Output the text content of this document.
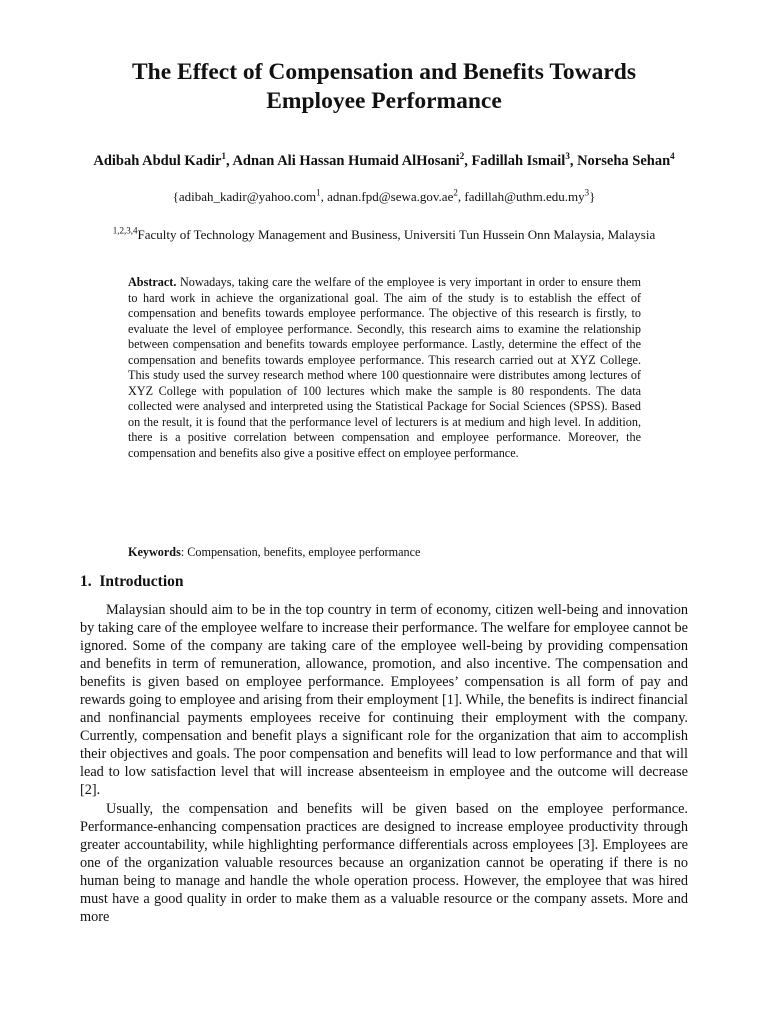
The Effect of Compensation and Benefits Towards
Employee Performance
Adibah Abdul Kadir$^1$, Adnan Ali Hassan Humaid AlHosani$^2$, Fadillah Ismail$^3$, Norseha Sehan$^4$
{adibah_kadir@yahoo.com$^1$, $adnan.fpd@sewa.gov.ae^2$, $fadillah@uthm.edu.my^3$}
$^{1,2,3,4}$Faculty of Technology Management and Business, Universiti Tun Hussein Onn Malaysia, Malaysia
Abstract. Nowadays, taking care the welfare of the employee is very important in order to ensure them to hard work in achieve the organizational goal. The aim of the study is to establish the effect of compensation and benefits towards employee performance. The objective of this research is firstly, to evaluate the level of employee performance. Secondly, this research aims to examine the relationship between compensation and benefits towards employee performance. Lastly, determine the effect of the compensation and benefits towards employee performance. This research carried out at XYZ College. This study used the survey research method where 100 questionnaire were distributes among lectures of XYZ College with population of 100 lectures which make the sample is 80 respondents. The data collected were analysed and interpreted using the Statistical Package for Social Sciences (SPSS). Based on the result, it is found that the performance level of lecturers is at medium and high level. In addition, there is a positive correlation between compensation and employee performance. Moreover, the compensation and benefits also give a positive effect on employee performance.
Keywords: Compensation, benefits, employee performance
1. Introduction

Malaysian should aim to be in the top country in term of economy, citizen well-being and innovation by taking care of the employee welfare to increase their performance. The welfare for employee cannot be ignored. Some of the company are taking care of the employee well-being by providing compensation and benefits in term of remuneration, allowance, promotion, and also incentive. The compensation and benefits is given based on employee performance. Employees’ compensation is all form of pay and rewards going to employee and arising from their employment [1]. While, the benefits is indirect financial and nonfinancial payments employees receive for continuing their employment with the company. Currently, compensation and benefit plays a significant role for the organization that aim to accomplish their objectives and goals. The poor compensation and benefits will lead to low performance and that will lead to low satisfaction level that will increase absenteeism in employee and the outcome will decrease [2].

Usually, the compensation and benefits will be given based on the employee performance. Performance-enhancing compensation practices are designed to increase employee productivity through greater accountability, while highlighting performance differentials across employees [3]. Employees are one of the organization valuable resources because an organization cannot be operating if there is no human being to manage and handle the whole operation process. However, the employee that was hired must have a good quality in order to make them as a valuable resource or the company assets. More and more
